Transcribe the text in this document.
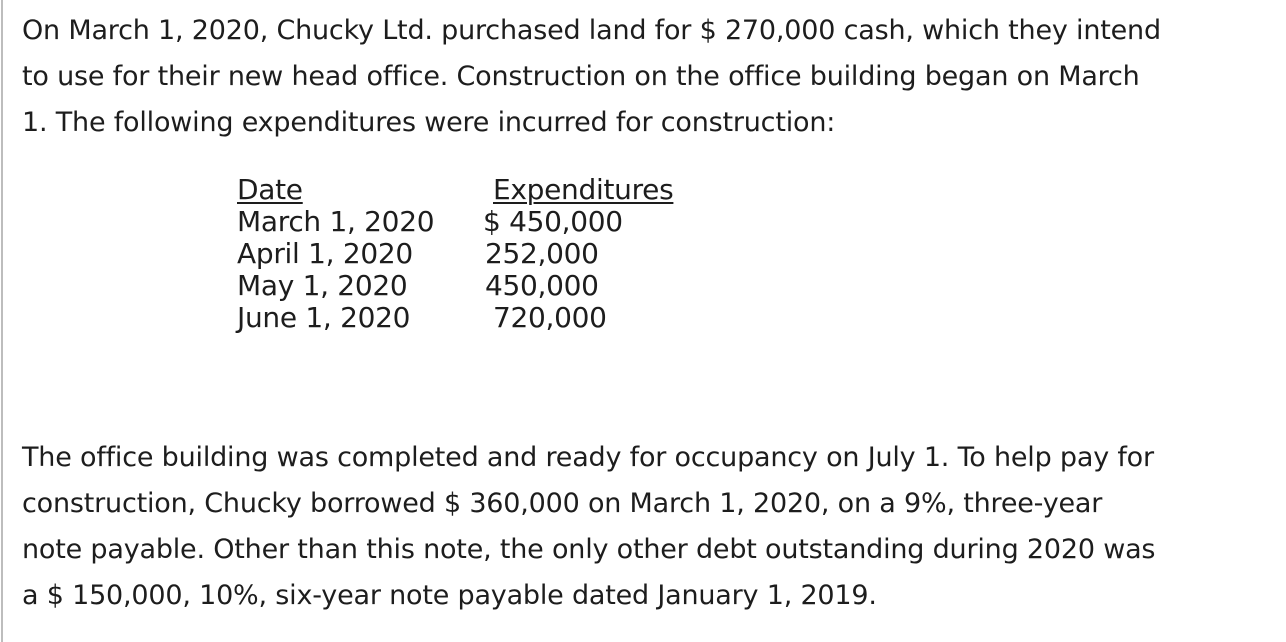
On March 1, 2020, Chucky Ltd. purchased land for $ 270,000 cash, which they intend
to use for their new head office. Construction on the office building began on March
1. The following expenditures were incurred for construction:
Date	Expenditures
March 1, 2020	$ 450,000
April 1, 2020	252,000
May 1, 2020	450,000
June 1, 2020	720,000
The office building was completed and ready for occupancy on July 1. To help pay for
construction, Chucky borrowed $ 360,000 on March 1, 2020, on a 9%, three-year
note payable. Other than this note, the only other debt outstanding during 2020 was
a $ 150,000, 10%, six-year note payable dated January 1, 2019.
